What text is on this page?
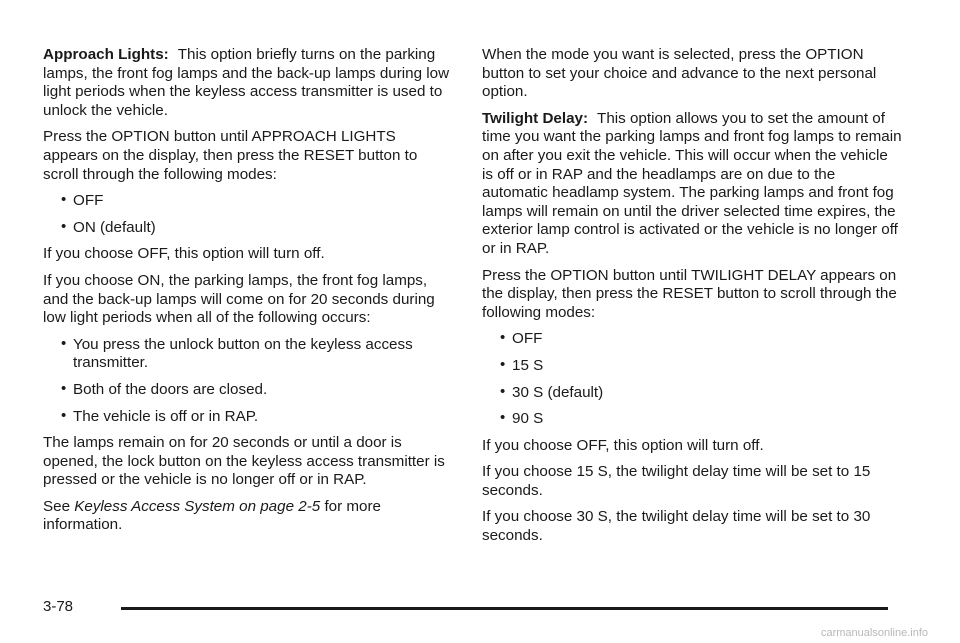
Approach Lights: This option briefly turns on the parking lamps, the front fog lamps and the back-up lamps during low light periods when the keyless access transmitter is used to unlock the vehicle.

Press the OPTION button until APPROACH LIGHTS appears on the display, then press the RESET button to scroll through the following modes:

• OFF
• ON (default)

If you choose OFF, this option will turn off.

If you choose ON, the parking lamps, the front fog lamps, and the back-up lamps will come on for 20 seconds during low light periods when all of the following occurs:

• You press the unlock button on the keyless access transmitter.
• Both of the doors are closed.
• The vehicle is off or in RAP.

The lamps remain on for 20 seconds or until a door is opened, the lock button on the keyless access transmitter is pressed or the vehicle is no longer off or in RAP.

See Keyless Access System on page 2-5 for more information.

When the mode you want is selected, press the OPTION button to set your choice and advance to the next personal option.

Twilight Delay: This option allows you to set the amount of time you want the parking lamps and front fog lamps to remain on after you exit the vehicle. This will occur when the vehicle is off or in RAP and the headlamps are on due to the automatic headlamp system. The parking lamps and front fog lamps will remain on until the driver selected time expires, the exterior lamp control is activated or the vehicle is no longer off or in RAP.

Press the OPTION button until TWILIGHT DELAY appears on the display, then press the RESET button to scroll through the following modes:

• OFF
• 15 S
• 30 S (default)
• 90 S

If you choose OFF, this option will turn off.

If you choose 15 S, the twilight delay time will be set to 15 seconds.

If you choose 30 S, the twilight delay time will be set to 30 seconds.

3-78
carmanualsonline.info
